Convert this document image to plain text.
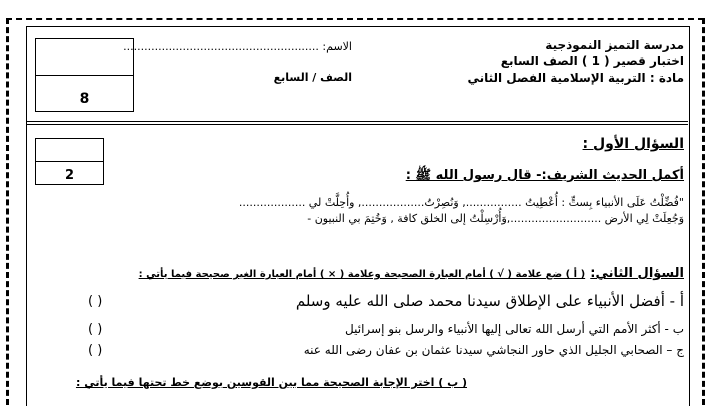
مدرسة التميز النموذجية
اختبار قصير ( 1 ) الصف السابع
مادة : التربية الإسلامية الفصل الثاني
الاسم: ........................................................
الصف / السابع
8
2
السؤال الأول :
أكمل الحديث الشريف:- قال رسول الله ﷺ :
"فُضِّلْتُ عَلَى الأنبياء بِستٍّ : أُعْطِيتُ ................, وَنُصِرْتُ.................., وأُحِلَّتْ لي ...................
وَجُعِلَتْ لِي الأرض ..........................,وَأُرْسِلْتُ إلى الخلق كافة , وَخُتِمَ بي النبيون -
السؤال الثاني: ( أ ) ضع علامة ( √ ) أمام العبارة الصحيحة وعلامة ( × ) أمام العبارة الغير صحيحة فيما يأتي :
أ - أفضل الأنبياء على الإطلاق سيدنا محمد صلى الله عليه وسلم
ب - أكثر الأمم التي أرسل الله تعالى إليها الأنبياء والرسل بنو إسرائيل
ج – الصحابي الجليل الذي حاور النجاشي سيدنا عثمان بن عفان رضى الله عنه
( )
( )
( )
( ب ) اختر الإجابة الصحيحة مما بين القوسين بوضع خط تحتها فيما يأتي :
